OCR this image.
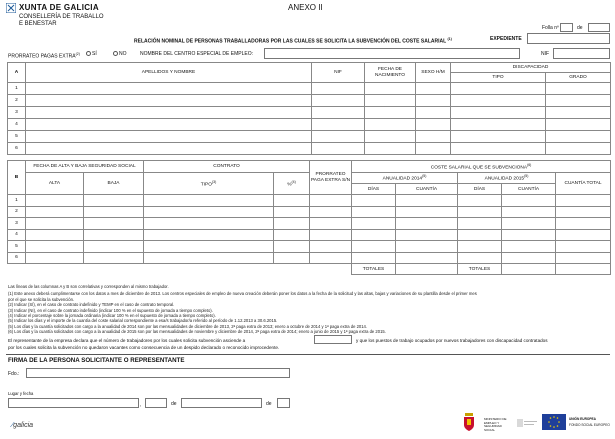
XUNTA DE GALICIA
CONSELLERÍA DE TRABALLO
E BENESTAR
ANEXO II
Folla nº	de
RELACIÓN NOMINAL DE PERSONAS TRABALLADORAS POR LAS CUALES SE SOLICITA LA SUBVENCIÓN DEL COSTE SALARIAL $^{(1)}$	EXPEDIENTE
PRORRATEO PAGAS EXTRA$^{(2)}$	SÍ	NO	NOMBRE DEL CENTRO ESPECIAL DE EMPLEO:	NIF
A	APELLIDOS Y NOMBRE	NIF	FECHA DE NACIMIENTO	SEXO H/M	DISCAPACIDAD	
					TIPO	GRADO
1						
2						
3						
4						
5						
6						
B	FECHA DE ALTA Y BAJA SEGURIDAD SOCIAL		CONTRATO		PRORRATEO PAGA EXTRA S/N	COSTE SALARIAL QUE SE SUBVENCIONA$^{(6)}$
	ALTA	BAJA	TIPO$^{(3)}$	%$^{(4)}$		ANUALIDAD 2014$^{(5)}$		ANUALIDAD 2015$^{(5)}$		CUANTÍA TOTAL
						DÍAS	CUANTÍA	DÍAS	CUANTÍA	
1										
2										
3										
4										
5										
6										
						TOTALES		TOTALES		

Las líneas de las columnas A y B son correlativas y corresponden al mismo trabajador.

(1) Este anexo deberá cumplimentarse con los datos a mes de diciembre de 2013. Los centros especiales de empleo de nueva creación deberán poner los datos a la fecha de la solicitud y las altas, bajas y variaciones de su plantilla desde el primer mes

por el que se solicita la subvención.

(2) Indicar (SÍ), en el caso de contrato indefinido y TEMP en el caso de contrato temporal.

(3) Indicar (NI), en el caso de contrato indefinido (indicar 100 % en el supuesto de jornada a tiempo completo).

(4) Indicar el porcentaje sobre la jornada ordinaria (indicar 100 % en el supuesto de jornada a tiempo completo).

(5) Indicar los días y el importe de la cuantía del coste salarial correspondiente a esa/s trabajador/a referido al período de 1.12.2013 a 30.6.2015.

(5) Los días y la cuantía solicitados con cargo a la anualidad de 2014 son por las mensualidades de diciembre de 2013, 2ª paga extra de 2013; enero a octubre de 2014 y 1ª paga extra de 2014.

(6) Los días y la cuantía solicitados con cargo a la anualidad de 2015 son por las mensualidades de noviembre y diciembre de 2014, 2ª paga extra de 2014; enero a junio de 2015 y 1ª paga extra de 2015.

El representante de la empresa declara que el número de trabajadores por los cuales solicita subvención asciende a	y que los puestos de trabajo ocupados por nuevos trabajadores con discapacidad contratados
por los cuales solicita la subvención no quedaron vacantes como consecuencia de un despido declarado o reconocido improcedente.
FIRMA DE LA PERSONA SOLICITANTE O REPRESENTANTE
Fdo.:
Lugar y fecha
,	de	de
⁄galicia
MINISTERIO DE EMPLEO Y SEGURIDAD SOCIAL
UNIÓN EUROPEA
FONDO SOCIAL EUROPEO
